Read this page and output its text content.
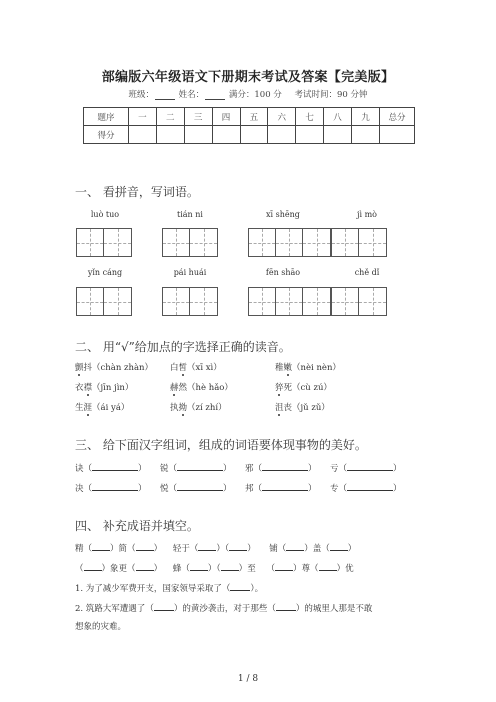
部编版六年级语文下册期末考试及答案【完美版】
班级：	姓名：	满分：100 分 考试时间：90 分钟
题序	一	二	三	四	五	六	七	八	九	总分
得分										
一、 看拼音，写词语。
luò tuo	tián ni	xī shēng	jì mò
yǐn cáng	pái huái	fēn shāo	chě dǐ
二、 用“√”给加点的字选择正确的读音。
颤抖（chàn zhàn） 白皙（xī xì）	稚嫩（nèi nèn）
衣襟（jīn jìn）	赫然（hè hǎo）	猝死（cù zú）
生涯（ái yá）	执拗（zí zhí）	沮丧（jǔ zǔ）
三、 给下面汉字组词，组成的词语要体现事物的美好。
诀（	） 锐（	） 邪（	） 亏（	）
决（	） 悦（	） 邦（	） 专（	）
四、 补充成语并填空。
精（ ）简（ ）    轻于（ ）（ ）     铺（ ）盖（ ）
（ ）象更（ ）    蜂（ ）（ ）至    （ ）尊（ ）优
1. 为了减少军费开支，国家领导采取了（ ）。
2. 筑路大军遭遇了（ ）的黄沙袭击，对于那些（ ）的城里人那是不敢
想象的灾难。
1 / 8
